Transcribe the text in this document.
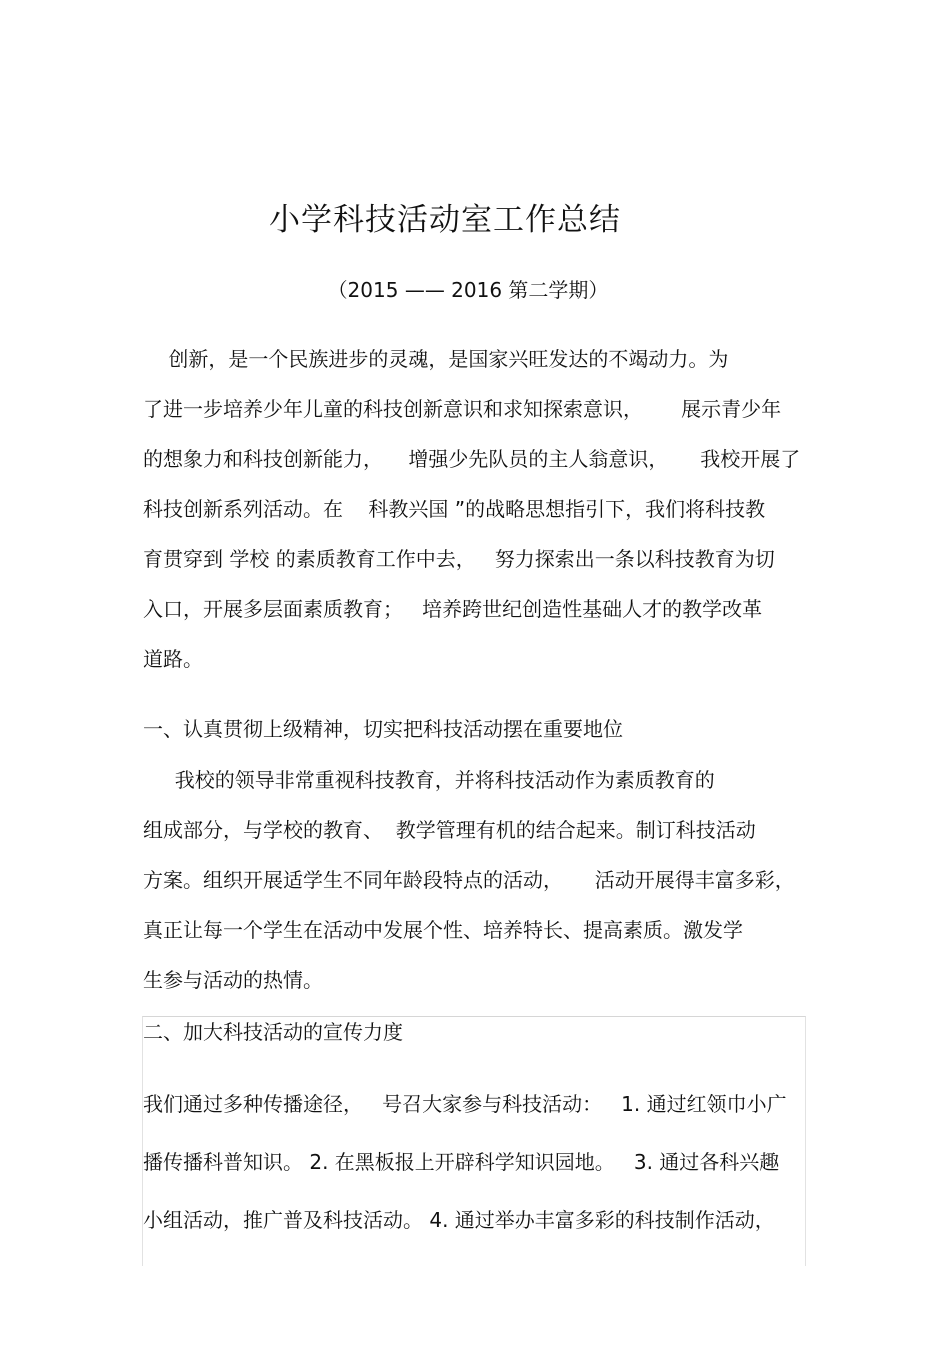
小学科技活动室工作总结
（2015 —— 2016 第二学期）
创新，是一个民族进步的灵魂，是国家兴旺发达的不竭动力。为
了进一步培养少年儿童的科技创新意识和求知探索意识，      展示青少年
的想象力和科技创新能力，    增强少先队员的主人翁意识，     我校开展了
科技创新系列活动。在    科教兴国 ”的战略思想指引下，我们将科技教
育贯穿到 学校 的素质教育工作中去，   努力探索出一条以科技教育为切
入口，开展多层面素质教育；   培养跨世纪创造性基础人才的教学改革
道路。
一、认真贯彻上级精神，切实把科技活动摆在重要地位
我校的领导非常重视科技教育，并将科技活动作为素质教育的
组成部分，与学校的教育、  教学管理有机的结合起来。制订科技活动
方案。组织开展适学生不同年龄段特点的活动，     活动开展得丰富多彩，
真正让每一个学生在活动中发展个性、培养特长、提高素质。激发学
生参与活动的热情。
二、加大科技活动的宣传力度
我们通过多种传播途径，   号召大家参与科技活动：   1. 通过红领巾小广
播传播科普知识。 2. 在黑板报上开辟科学知识园地。   3. 通过各科兴趣
小组活动，推广普及科技活动。 4. 通过举办丰富多彩的科技制作活动，
